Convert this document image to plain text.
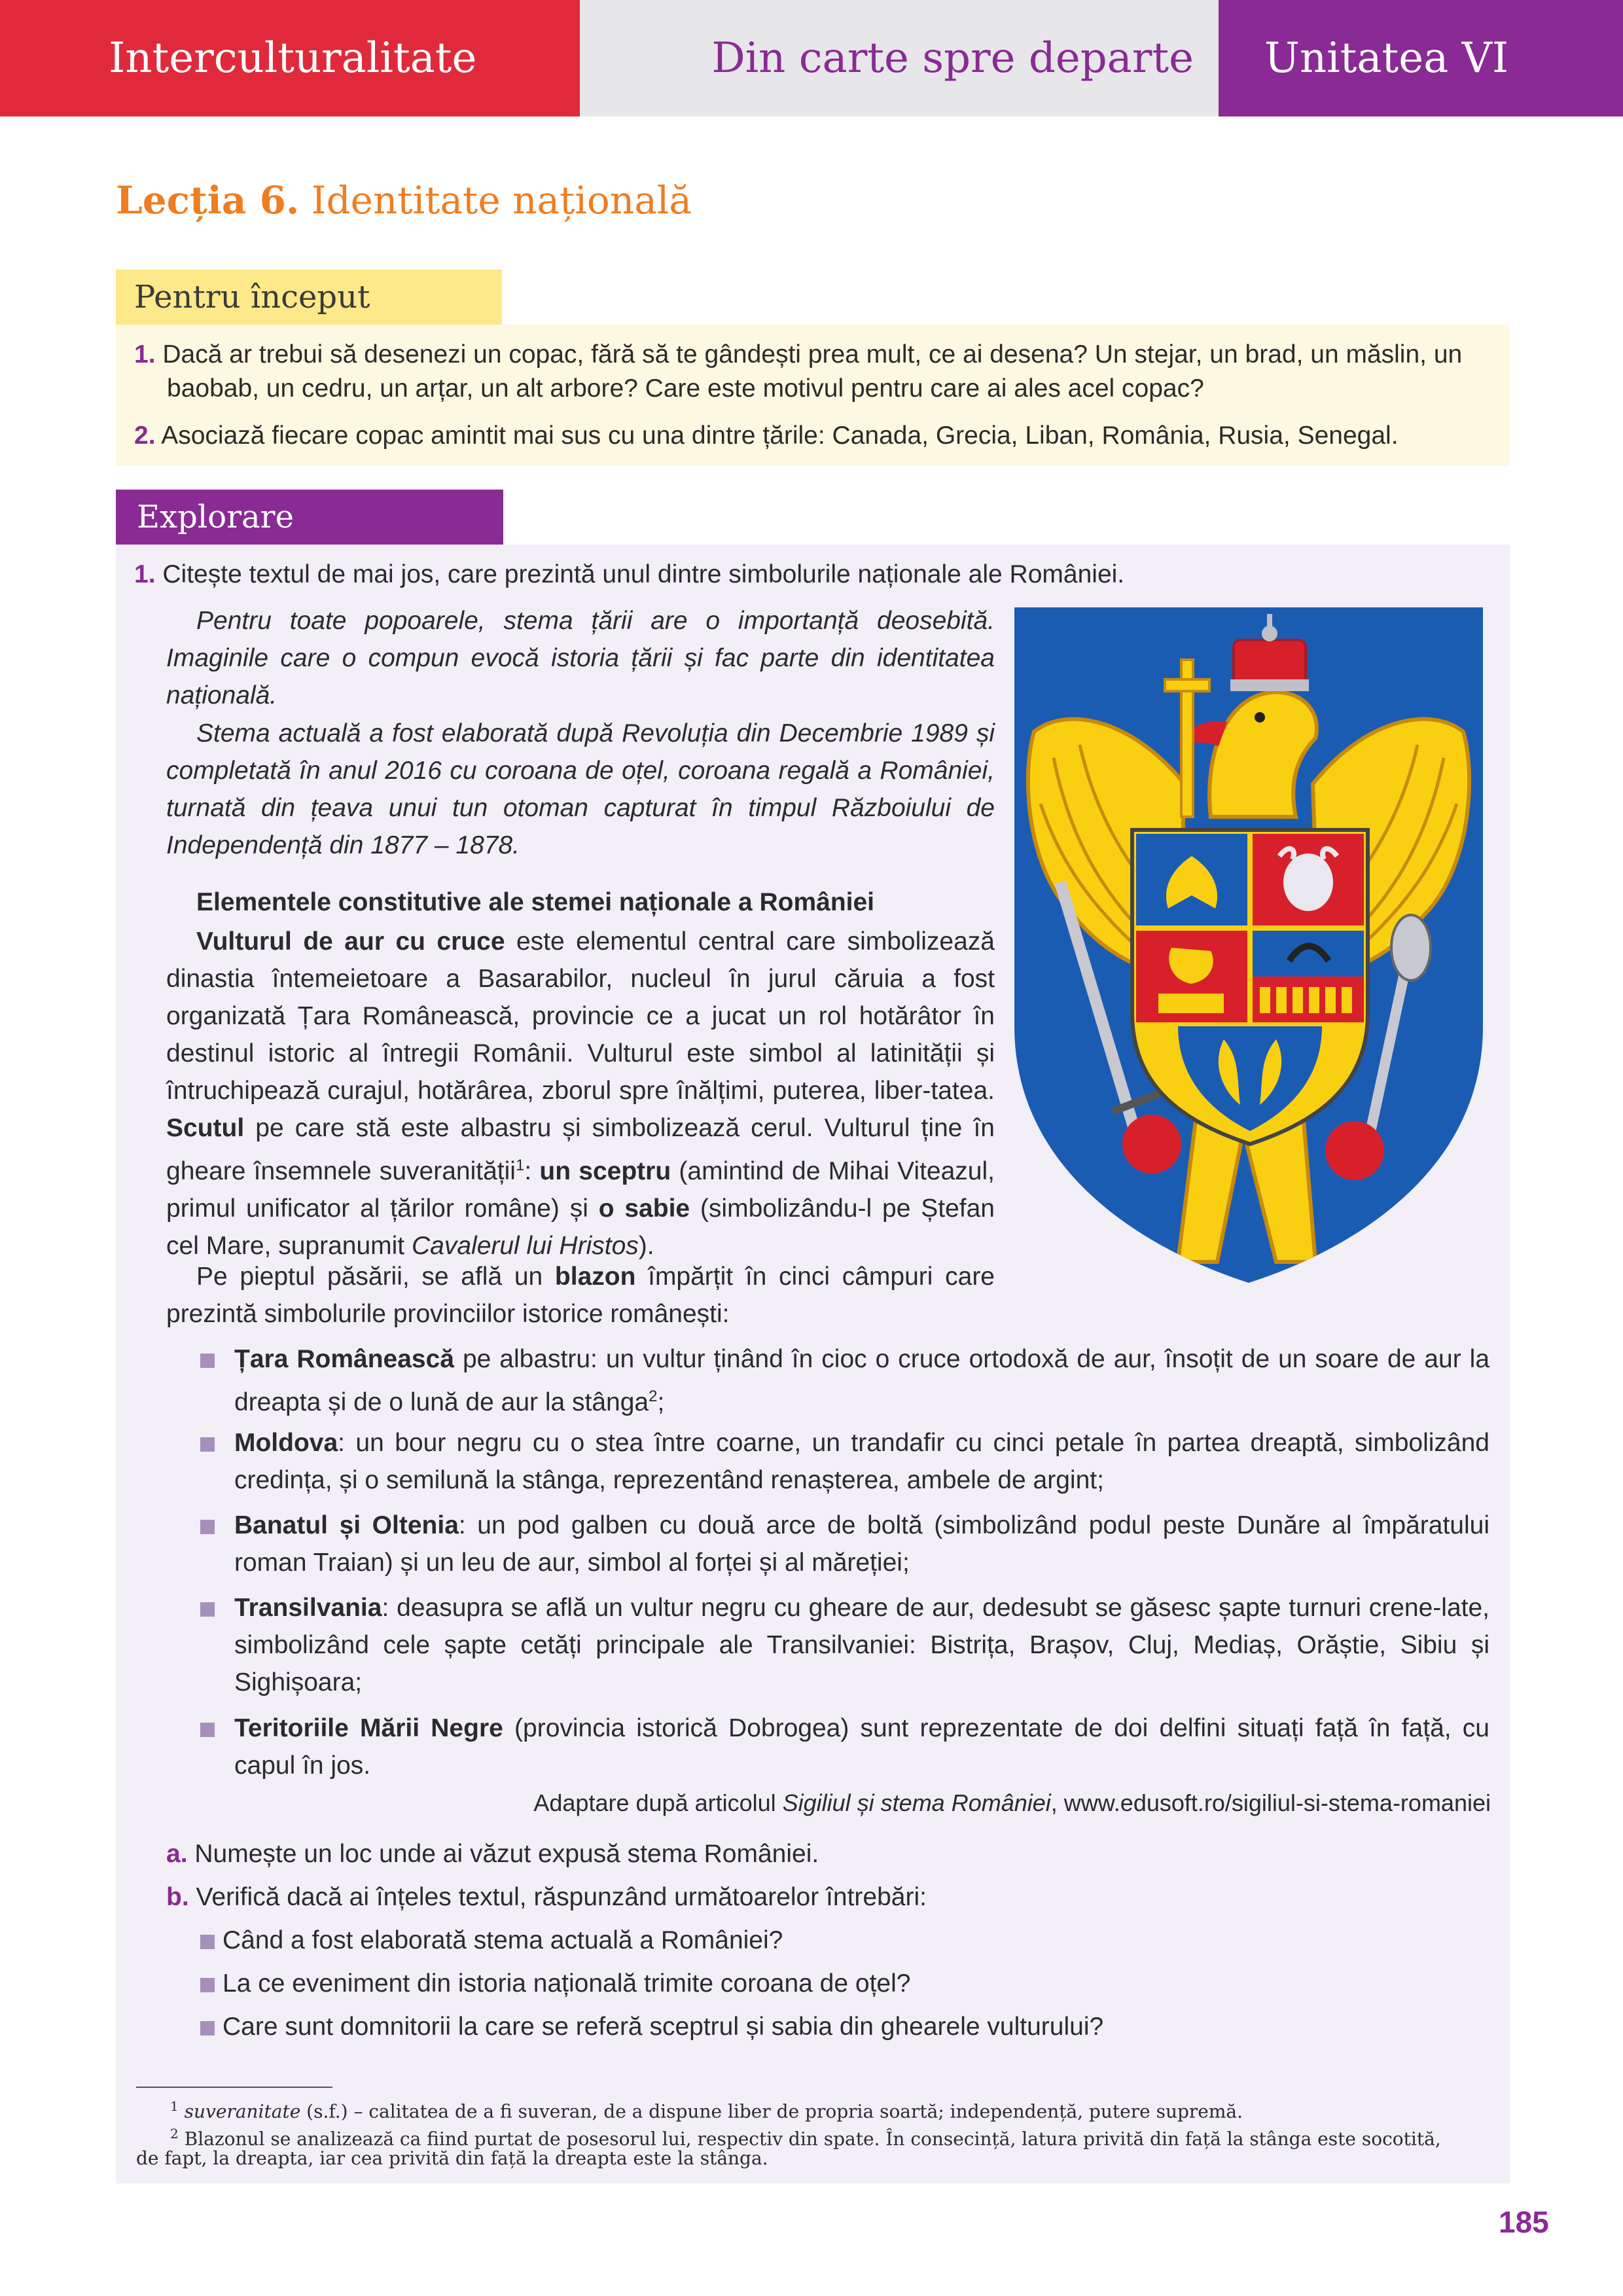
Interculturalitate	Din carte spre departe	Unitatea VI
Lecția 6. Identitate națională
Pentru început
1. Dacă ar trebui să desenezi un copac, fără să te gândești prea mult, ce ai desena? Un stejar, un brad, un măslin, un
baobab, un cedru, un arțar, un alt arbore? Care este motivul pentru care ai ales acel copac?
2. Asociază fiecare copac amintit mai sus cu una dintre țările: Canada, Grecia, Liban, România, Rusia, Senegal.
Explorare
1. Citește textul de mai jos, care prezintă unul dintre simbolurile naționale ale României.
Pentru toate popoarele, stema țării are o importanță deosebită. Imaginile care o compun evocă istoria țării și fac parte din identitatea națională.
Stema actuală a fost elaborată după Revoluția din Decembrie 1989 și completată în anul 2016 cu coroana de oțel, coroana regală a României, turnată din țeava unui tun otoman capturat în timpul Războiului de Independență din 1877 – 1878.
Elementele constitutive ale stemei naționale a României
Vulturul de aur cu cruce este elementul central care simbolizează dinastia întemeietoare a Basarabilor, nucleul în jurul căruia a fost organizată Țara Românească, provincie ce a jucat un rol hotărâtor în destinul istoric al întregii Românii. Vulturul este simbol al latinității și întruchipează curajul, hotărârea, zborul spre înălțimi, puterea, liber-tatea. Scutul pe care stă este albastru și simbolizează cerul. Vulturul ține în gheare însemnele suveranității$^1$: un sceptru (amintind de Mihai Viteazul, primul unificator al țărilor române) și o sabie (simbolizându-l pe Ștefan cel Mare, supranumit Cavalerul lui Hristos).
Pe pieptul păsării, se află un blazon împărțit în cinci câmpuri care prezintă simbolurile provinciilor istorice românești:
Țara Românească pe albastru: un vultur ținând în cioc o cruce ortodoxă de aur, însoțit de un soare de aur la dreapta și de o lună de aur la stânga$^2$;
Moldova: un bour negru cu o stea între coarne, un trandafir cu cinci petale în partea dreaptă, simbolizând credința, și o semilună la stânga, reprezentând renașterea, ambele de argint;
Banatul și Oltenia: un pod galben cu două arce de boltă (simbolizând podul peste Dunăre al împăratului roman Traian) și un leu de aur, simbol al forței și al măreției;
Transilvania: deasupra se află un vultur negru cu gheare de aur, dedesubt se găsesc șapte turnuri crene-late, simbolizând cele șapte cetăți principale ale Transilvaniei: Bistrița, Brașov, Cluj, Mediaș, Orăștie, Sibiu și Sighișoara;
Teritoriile Mării Negre (provincia istorică Dobrogea) sunt reprezentate de doi delfini situați față în față, cu capul în jos.
Adaptare după articolul Sigiliul și stema României, www.edusoft.ro/sigiliul-si-stema-romaniei
a. Numește un loc unde ai văzut expusă stema României.
b. Verifică dacă ai înțeles textul, răspunzând următoarelor întrebări:
Când a fost elaborată stema actuală a României?
La ce eveniment din istoria națională trimite coroana de oțel?
Care sunt domnitorii la care se referă sceptrul și sabia din ghearele vulturului?
$^1$ suveranitate (s.f.) – calitatea de a fi suveran, de a dispune liber de propria soartă; independență, putere supremă.
$^2$ Blazonul se analizează ca fiind purtat de posesorul lui, respectiv din spate. În consecință, latura privită din față la stânga este socotită,
de fapt, la dreapta, iar cea privită din față la dreapta este la stânga.
185
